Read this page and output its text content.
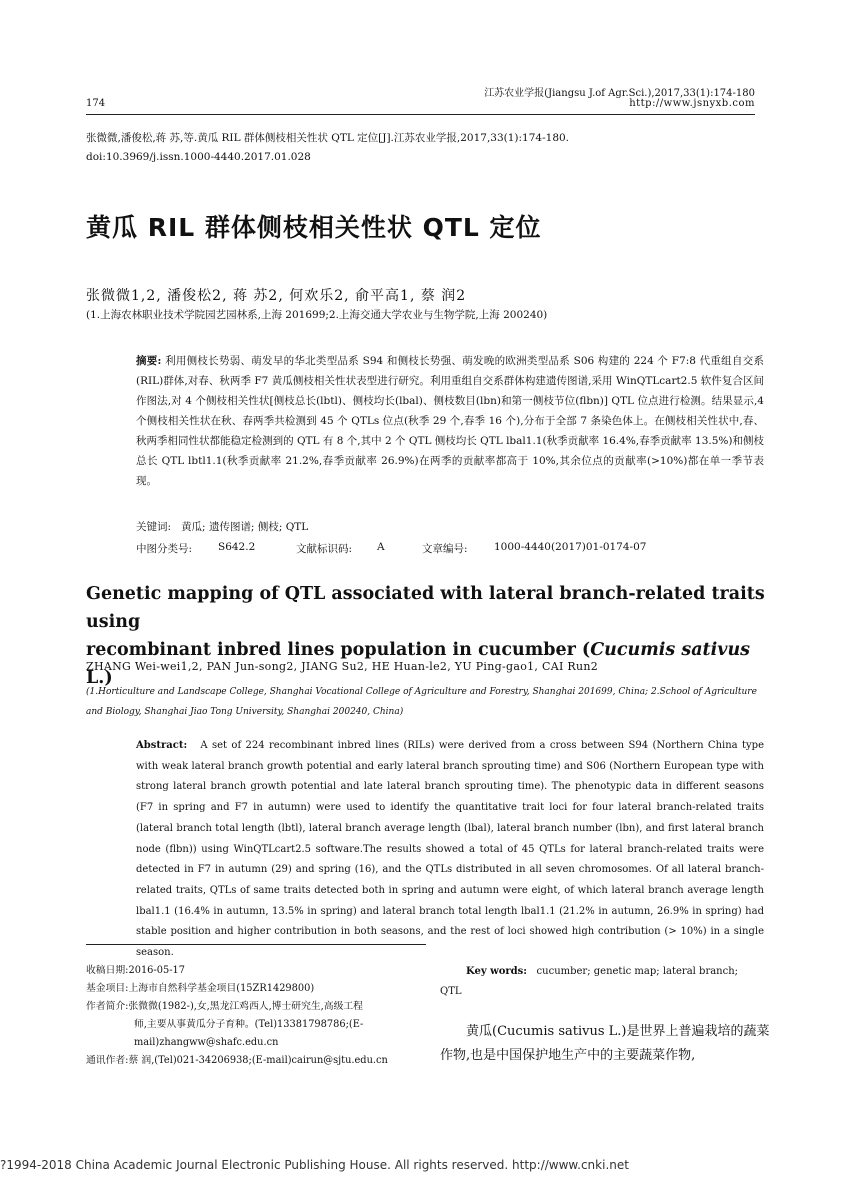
江苏农业学报(Jiangsu J.of Agr.Sci.),2017,33(1):174-180
http://www.jsnyxb.com
174
张微微,潘俊松,蒋 苏,等.黄瓜 RIL 群体侧枝相关性状 QTL 定位[J].江苏农业学报,2017,33(1):174-180.
doi:10.3969/j.issn.1000-4440.2017.01.028
黄瓜 RIL 群体侧枝相关性状 QTL 定位
张微微1,2, 潘俊松2, 蒋 苏2, 何欢乐2, 俞平高1, 蔡 润2
(1.上海农林职业技术学院园艺园林系,上海 201699;2.上海交通大学农业与生物学院,上海 200240)
摘要: 利用侧枝长势弱、萌发早的华北类型品系 S94 和侧枝长势强、萌发晚的欧洲类型品系 S06 构建的 224 个 F7:8 代重组自交系(RIL)群体,对春、秋两季 F7 黄瓜侧枝相关性状表型进行研究。利用重组自交系群体构建遗传图谱,采用 WinQTLcart2.5 软件复合区间作图法,对 4 个侧枝相关性状[侧枝总长(lbtl)、侧枝均长(lbal)、侧枝数目(lbn)和第一侧枝节位(flbn)] QTL 位点进行检测。结果显示,4 个侧枝相关性状在秋、春两季共检测到 45 个 QTLs 位点(秋季 29 个,春季 16 个),分布于全部 7 条染色体上。在侧枝相关性状中,春、秋两季相同性状都能稳定检测到的 QTL 有 8 个,其中 2 个 QTL 侧枝均长 QTL lbal1.1(秋季贡献率 16.4%,春季贡献率 13.5%)和侧枝总长 QTL lbtl1.1(秋季贡献率 21.2%,春季贡献率 26.9%)在两季的贡献率都高于 10%,其余位点的贡献率(>10%)都在单一季节表现。
关键词: 黄瓜; 遗传图谱; 侧枝; QTL
中图分类号: S642.2	文献标识码: A	文章编号:	1000-4440(2017)01-0174-07
Genetic mapping of QTL associated with lateral branch-related traits using
recombinant inbred lines population in cucumber (Cucumis sativus L.)
ZHANG Wei-wei1,2, PAN Jun-song2, JIANG Su2, HE Huan-le2, YU Ping-gao1, CAI Run2
(1.Horticulture and Landscape College, Shanghai Vocational College of Agriculture and Forestry, Shanghai 201699, China; 2.School of Agriculture and Biology, Shanghai Jiao Tong University, Shanghai 200240, China)
Abstract: A set of 224 recombinant inbred lines (RILs) were derived from a cross between S94 (Northern China type with weak lateral branch growth potential and early lateral branch sprouting time) and S06 (Northern European type with strong lateral branch growth potential and late lateral branch sprouting time). The phenotypic data in different seasons (F7 in spring and F7 in autumn) were used to identify the quantitative trait loci for four lateral branch-related traits (lateral branch total length (lbtl), lateral branch average length (lbal), lateral branch number (lbn), and first lateral branch node (flbn)) using WinQTLcart2.5 software.The results showed a total of 45 QTLs for lateral branch-related traits were detected in F7 in autumn (29) and spring (16), and the QTLs distributed in all seven chromosomes. Of all lateral branch-related traits, QTLs of same traits detected both in spring and autumn were eight, of which lateral branch average length lbal1.1 (16.4% in autumn, 13.5% in spring) and lateral branch total length lbal1.1 (21.2% in autumn, 26.9% in spring) had stable position and higher contribution in both seasons, and the rest of loci showed high contribution (> 10%) in a single season.
收稿日期:2016-05-17
基金项目:上海市自然科学基金项目(15ZR1429800)
作者简介:张微微(1982-),女,黑龙江鸡西人,博士研究生,高级工程
师,主要从事黄瓜分子育种。(Tel)13381798786;(E-
mail)zhangww@shafc.edu.cn
通讯作者:蔡 润,(Tel)021-34206938;(E-mail)cairun@sjtu.edu.cn
Key words: cucumber; genetic map; lateral branch; QTL
黄瓜(Cucumis sativus L.)是世界上普遍栽培的蔬菜作物,也是中国保护地生产中的主要蔬菜作物,
?1994-2018 China Academic Journal Electronic Publishing House. All rights reserved. http://www.cnki.net
